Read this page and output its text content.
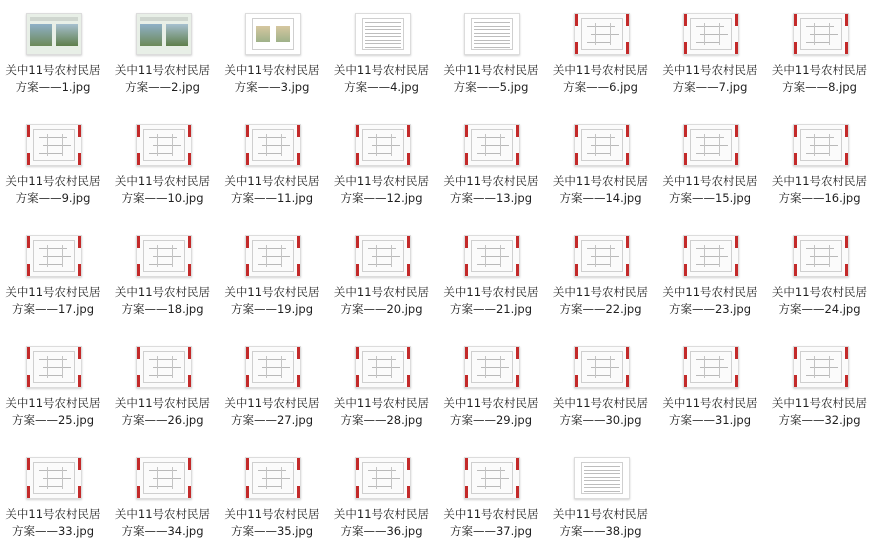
关中11号农村民居
方案——1.jpg
关中11号农村民居
方案——2.jpg
关中11号农村民居
方案——3.jpg
关中11号农村民居
方案——4.jpg
关中11号农村民居
方案——5.jpg
关中11号农村民居
方案——6.jpg
关中11号农村民居
方案——7.jpg
关中11号农村民居
方案——8.jpg
关中11号农村民居
方案——9.jpg
关中11号农村民居
方案——10.jpg
关中11号农村民居
方案——11.jpg
关中11号农村民居
方案——12.jpg
关中11号农村民居
方案——13.jpg
关中11号农村民居
方案——14.jpg
关中11号农村民居
方案——15.jpg
关中11号农村民居
方案——16.jpg
关中11号农村民居
方案——17.jpg
关中11号农村民居
方案——18.jpg
关中11号农村民居
方案——19.jpg
关中11号农村民居
方案——20.jpg
关中11号农村民居
方案——21.jpg
关中11号农村民居
方案——22.jpg
关中11号农村民居
方案——23.jpg
关中11号农村民居
方案——24.jpg
关中11号农村民居
方案——25.jpg
关中11号农村民居
方案——26.jpg
关中11号农村民居
方案——27.jpg
关中11号农村民居
方案——28.jpg
关中11号农村民居
方案——29.jpg
关中11号农村民居
方案——30.jpg
关中11号农村民居
方案——31.jpg
关中11号农村民居
方案——32.jpg
关中11号农村民居
方案——33.jpg
关中11号农村民居
方案——34.jpg
关中11号农村民居
方案——35.jpg
关中11号农村民居
方案——36.jpg
关中11号农村民居
方案——37.jpg
关中11号农村民居
方案——38.jpg
